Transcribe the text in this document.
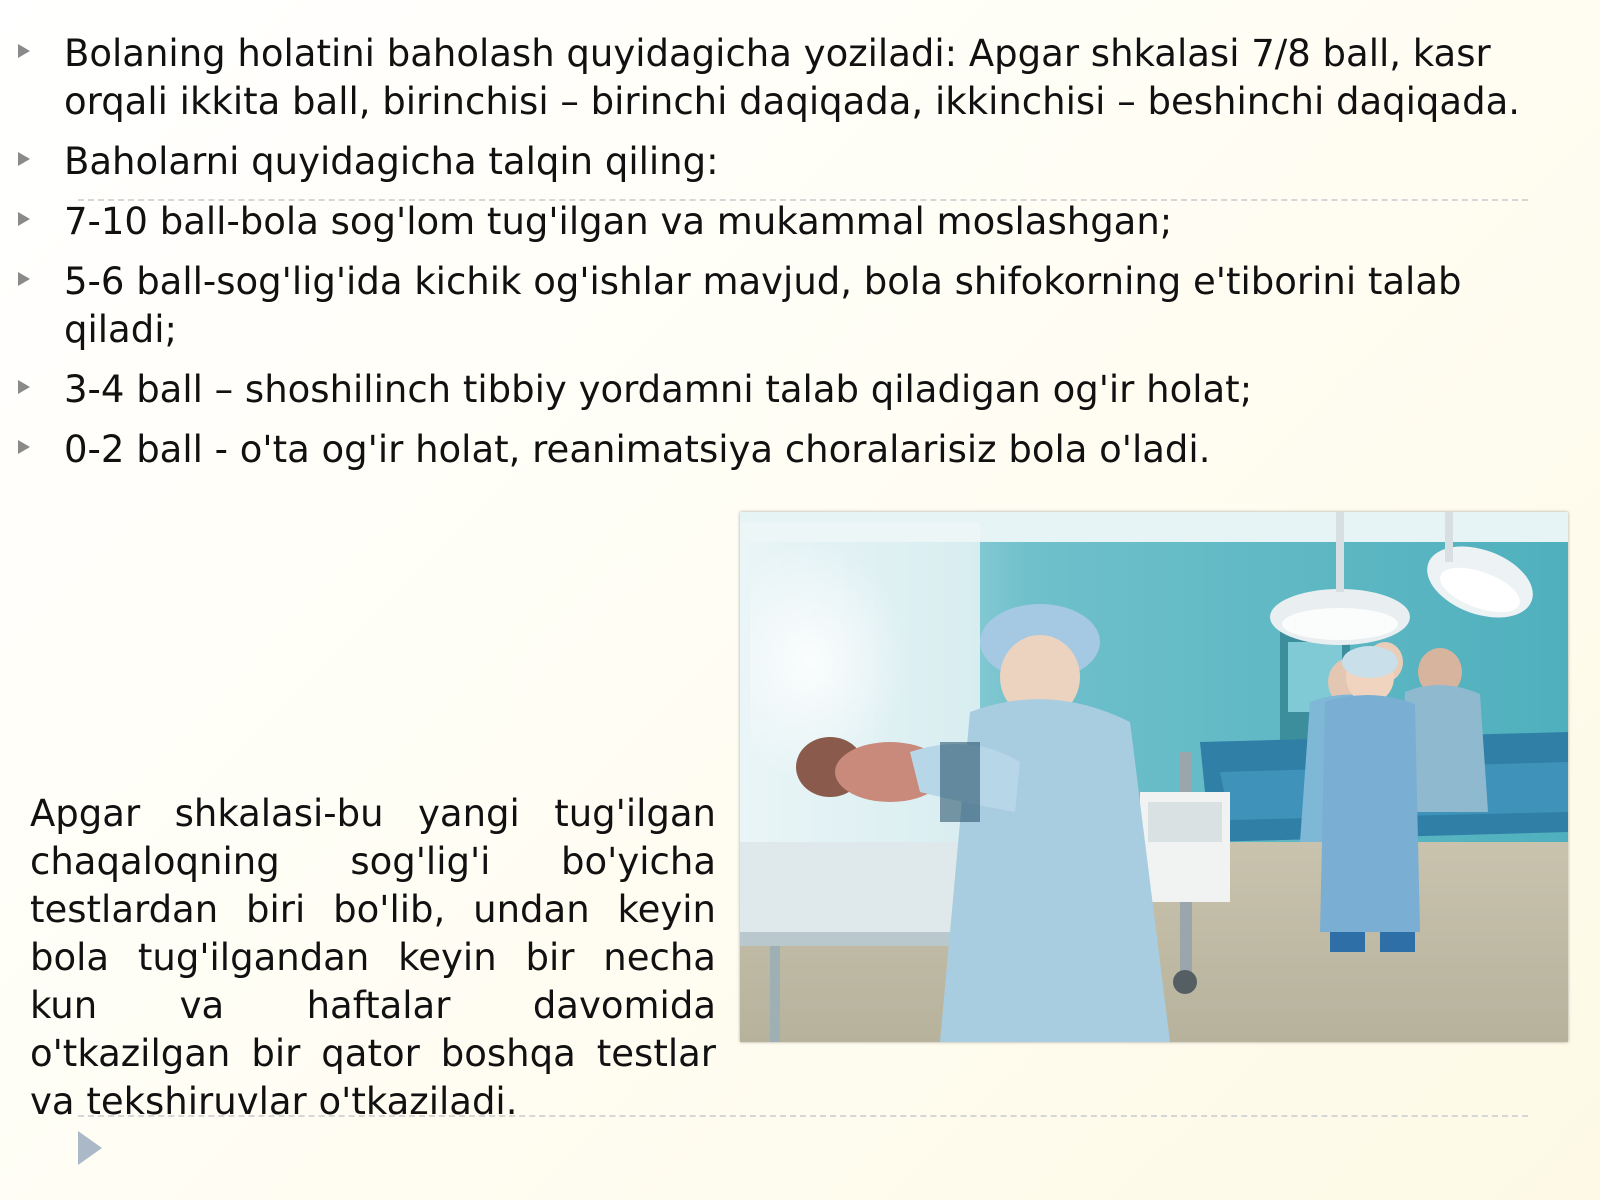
Bolaning holatini baholash quyidagicha yoziladi: Apgar shkalasi 7/8 ball, kasr orqali ikkita ball, birinchisi – birinchi daqiqada, ikkinchisi – beshinchi daqiqada.
Baholarni quyidagicha talqin qiling:
7-10 ball-bola sog'lom tug'ilgan va mukammal moslashgan;
5-6 ball-sog'lig'ida kichik og'ishlar mavjud, bola shifokorning e'tiborini talab qiladi;
3-4 ball – shoshilinch tibbiy yordamni talab qiladigan og'ir holat;
0-2 ball - o'ta og'ir holat, reanimatsiya choralarisiz bola o'ladi.

Apgar shkalasi-bu yangi tug'ilgan chaqaloqning sog'lig'i bo'yicha testlardan biri bo'lib, undan keyin bola tug'ilgandan keyin bir necha kun va haftalar davomida o'tkazilgan bir qator boshqa testlar va tekshiruvlar o'tkaziladi.
